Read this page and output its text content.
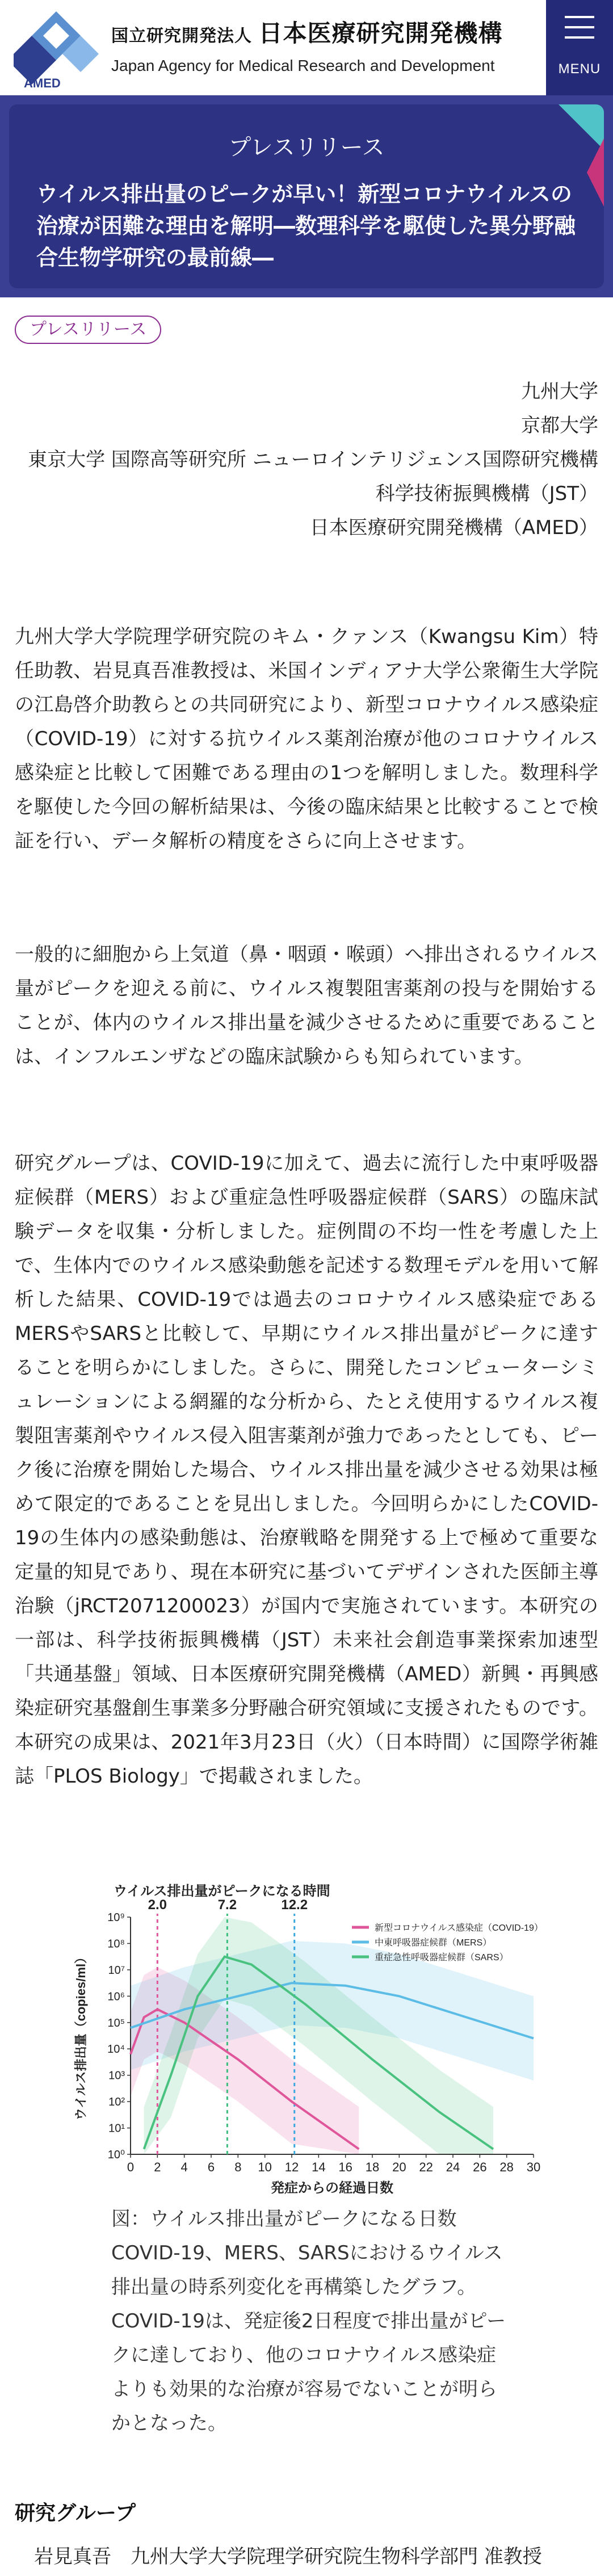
AMED
国立研究開発法人 日本医療研究開発機構
Japan Agency for Medical Research and Development	MENU
プレスリリース
ウイルス排出量のピークが早い！新型コロナウイルスの治療が困難な理由を解明―数理科学を駆使した異分野融合生物学研究の最前線―
プレスリリース
九州大学
京都大学
東京大学 国際高等研究所 ニューロインテリジェンス国際研究機構
科学技術振興機構（JST）
日本医療研究開発機構（AMED）

九州大学大学院理学研究院のキム・クァンス（Kwangsu Kim）特任助教、岩見真吾准教授は、米国インディアナ大学公衆衛生大学院の江島啓介助教らとの共同研究により、新型コロナウイルス感染症（COVID-19）に対する抗ウイルス薬剤治療が他のコロナウイルス感染症と比較して困難である理由の1つを解明しました。数理科学を駆使した今回の解析結果は、今後の臨床結果と比較することで検証を行い、データ解析の精度をさらに向上させます。

一般的に細胞から上気道（鼻・咽頭・喉頭）へ排出されるウイルス量がピークを迎える前に、ウイルス複製阻害薬剤の投与を開始することが、体内のウイルス排出量を減少させるために重要であることは、インフルエンザなどの臨床試験からも知られています。

研究グループは、COVID-19に加えて、過去に流行した中東呼吸器症候群（MERS）および重症急性呼吸器症候群（SARS）の臨床試験データを収集・分析しました。症例間の不均一性を考慮した上で、生体内でのウイルス感染動態を記述する数理モデルを用いて解析した結果、COVID-19では過去のコロナウイルス感染症であるMERSやSARSと比較して、早期にウイルス排出量がピークに達することを明らかにしました。さらに、開発したコンピューターシミュレーションによる網羅的な分析から、たとえ使用するウイルス複製阻害薬剤やウイルス侵入阻害薬剤が強力であったとしても、ピーク後に治療を開始した場合、ウイルス排出量を減少させる効果は極めて限定的であることを見出しました。今回明らかにしたCOVID-19の生体内の感染動態は、治療戦略を開発する上で極めて重要な定量的知見であり、現在本研究に基づいてデザインされた医師主導治験（jRCT2071200023）が国内で実施されています。本研究の一部は、科学技術振興機構（JST）未来社会創造事業探索加速型「共通基盤」領域、日本医療研究開発機構（AMED）新興・再興感染症研究基盤創生事業多分野融合研究領域に支援されたものです。本研究の成果は、2021年3月23日（火）（日本時間）に国際学術雑誌「PLOS Biology」で掲載されました。

0 2 4 6 8 10 12 14 16 18 20 22 24 26 28 30
10⁰
10¹
10²
10³
10⁴
10⁵
10⁶
10⁷
10⁸
10⁹
2.0	7.2	12.2
ウイルス排出量がピークになる時間
発症からの経過日数
ウイルス排出量（copies/ml）
新型コロナウイルス感染症（COVID-19）
中東呼吸器症候群（MERS）
重症急性呼吸器症候群（SARS）

図：ウイルス排出量がピークになる日数COVID-19、MERS、SARSにおけるウイルス排出量の時系列変化を再構築したグラフ。COVID-19は、発症後2日程度で排出量がピークに達しており、他のコロナウイルス感染症よりも効果的な治療が容易でないことが明らかとなった。

研究グループ
岩見真吾　九州大学大学院理学研究院生物科学部門 准教授
